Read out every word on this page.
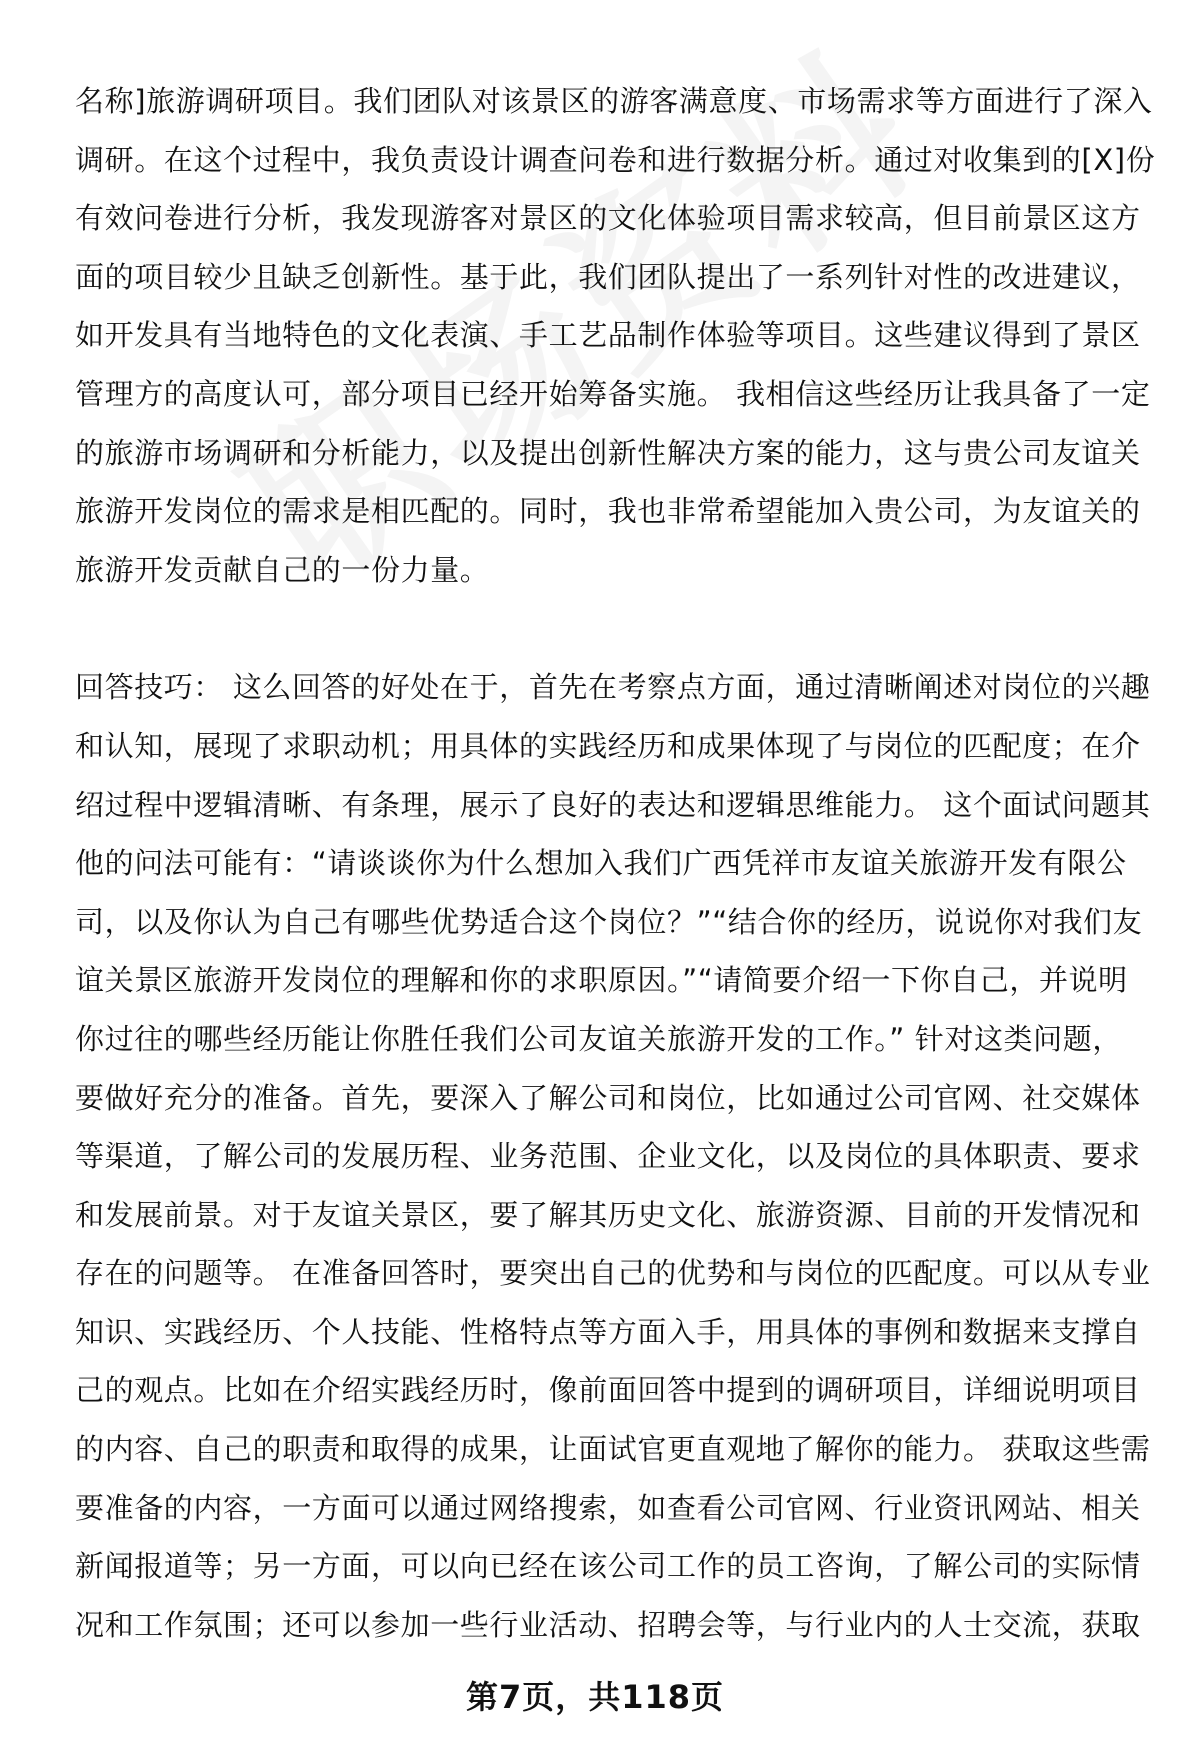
名称]旅游调研项目。我们团队对该景区的游客满意度、市场需求等方面进行了深入
调研。在这个过程中，我负责设计调查问卷和进行数据分析。通过对收集到的[X]份
有效问卷进行分析，我发现游客对景区的文化体验项目需求较高，但目前景区这方
面的项目较少且缺乏创新性。基于此，我们团队提出了一系列针对性的改进建议，
如开发具有当地特色的文化表演、手工艺品制作体验等项目。这些建议得到了景区
管理方的高度认可，部分项目已经开始筹备实施。 我相信这些经历让我具备了一定
的旅游市场调研和分析能力，以及提出创新性解决方案的能力，这与贵公司友谊关
旅游开发岗位的需求是相匹配的。同时，我也非常希望能加入贵公司，为友谊关的
旅游开发贡献自己的一份力量。
回答技巧： 这么回答的好处在于，首先在考察点方面，通过清晰阐述对岗位的兴趣
和认知，展现了求职动机；用具体的实践经历和成果体现了与岗位的匹配度；在介
绍过程中逻辑清晰、有条理，展示了良好的表达和逻辑思维能力。 这个面试问题其
他的问法可能有：“请谈谈你为什么想加入我们广西凭祥市友谊关旅游开发有限公
司，以及你认为自己有哪些优势适合这个岗位？”“结合你的经历，说说你对我们友
谊关景区旅游开发岗位的理解和你的求职原因。”“请简要介绍一下你自己，并说明
你过往的哪些经历能让你胜任我们公司友谊关旅游开发的工作。” 针对这类问题，
要做好充分的准备。首先，要深入了解公司和岗位，比如通过公司官网、社交媒体
等渠道，了解公司的发展历程、业务范围、企业文化，以及岗位的具体职责、要求
和发展前景。对于友谊关景区，要了解其历史文化、旅游资源、目前的开发情况和
存在的问题等。 在准备回答时，要突出自己的优势和与岗位的匹配度。可以从专业
知识、实践经历、个人技能、性格特点等方面入手，用具体的事例和数据来支撑自
己的观点。比如在介绍实践经历时，像前面回答中提到的调研项目，详细说明项目
的内容、自己的职责和取得的成果，让面试官更直观地了解你的能力。 获取这些需
要准备的内容，一方面可以通过网络搜索，如查看公司官网、行业资讯网站、相关
新闻报道等；另一方面，可以向已经在该公司工作的员工咨询，了解公司的实际情
况和工作氛围；还可以参加一些行业活动、招聘会等，与行业内的人士交流，获取
第7页，共118页
